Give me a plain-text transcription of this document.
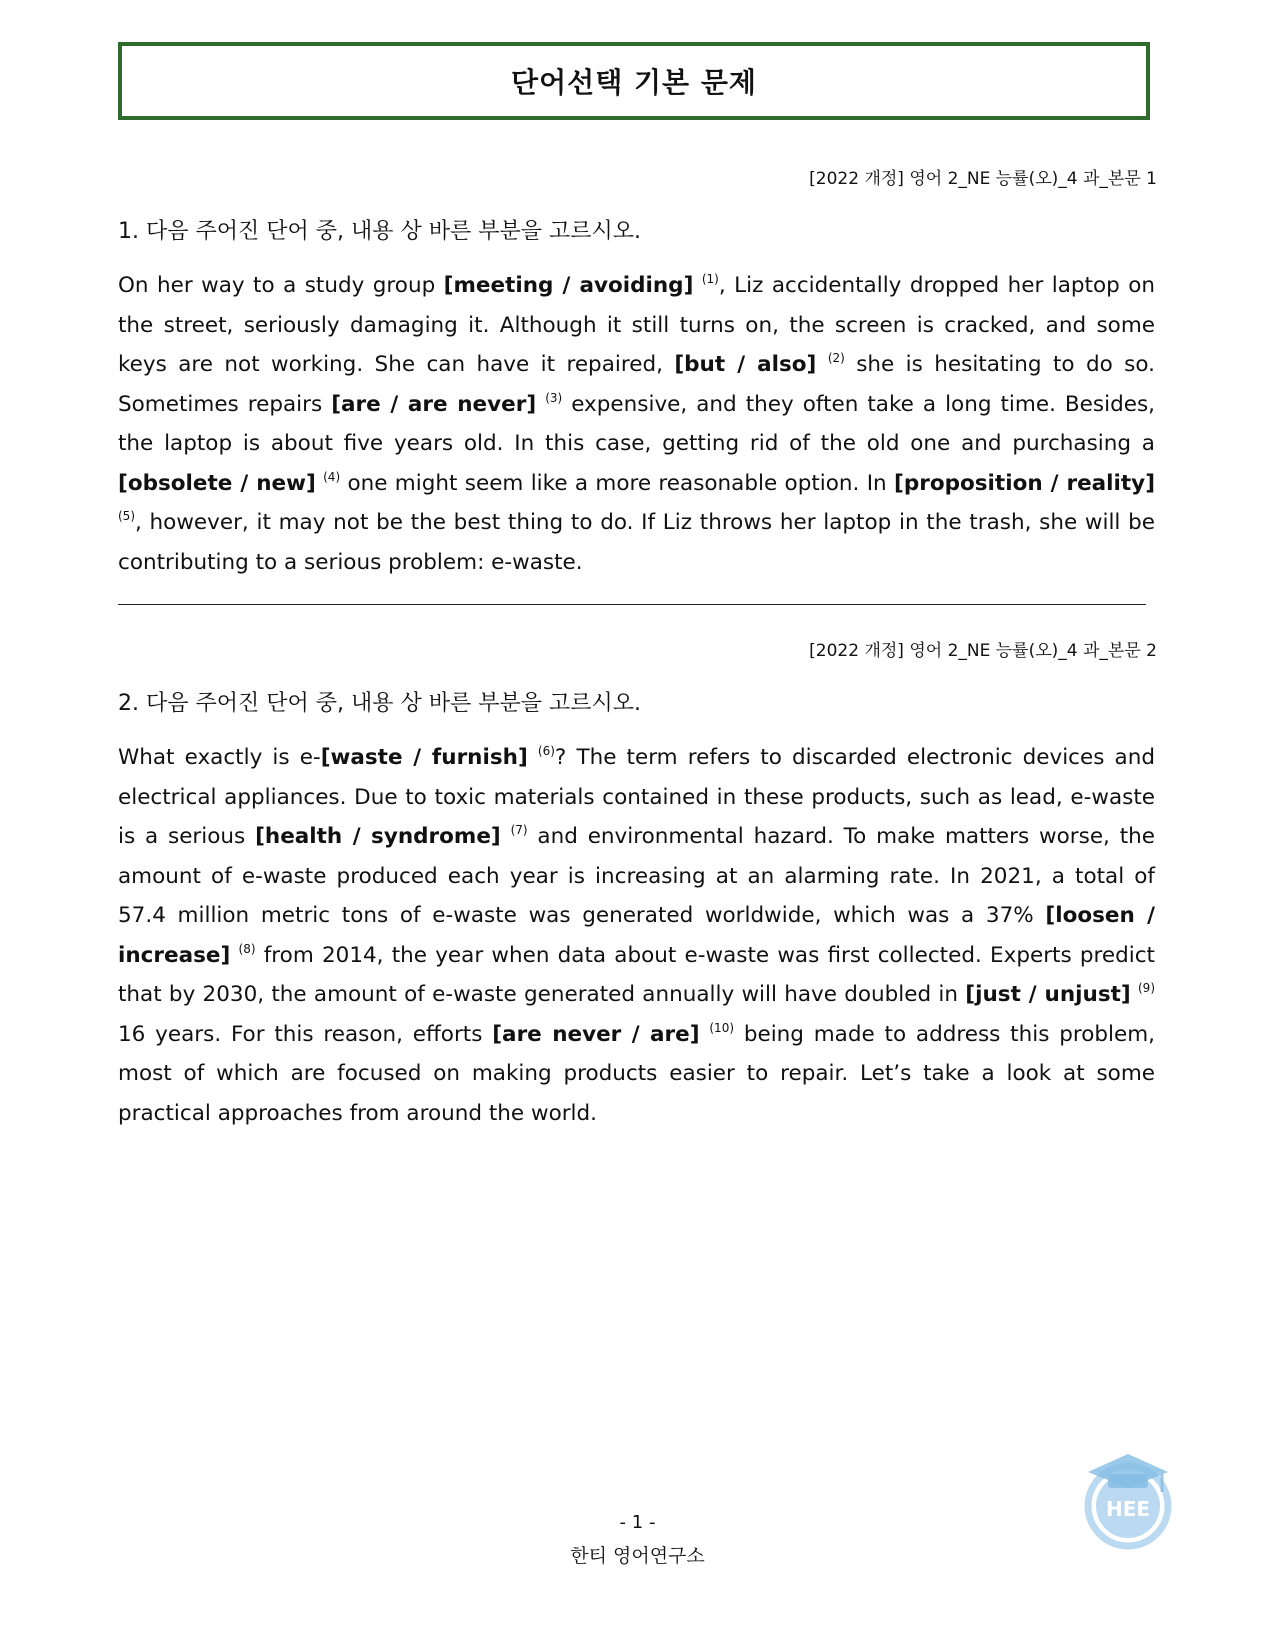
단어선택 기본 문제
[2022 개정] 영어 2_NE 능률(오)_4 과_본문 1
1. 다음 주어진 단어 중, 내용 상 바른 부분을 고르시오.
On her way to a study group [meeting / avoiding] $^{(1)}$, Liz accidentally dropped her laptop on the street, seriously damaging it. Although it still turns on, the screen is cracked, and some keys are not working. She can have it repaired, [but / also] $^{(2)}$ she is hesitating to do so. Sometimes repairs [are / are never] $^{(3)}$ expensive, and they often take a long time. Besides, the laptop is about five years old. In this case, getting rid of the old one and purchasing a [obsolete / new] $^{(4)}$ one might seem like a more reasonable option. In [proposition / reality] $^{(5)}$, however, it may not be the best thing to do. If Liz throws her laptop in the trash, she will be contributing to a serious problem: e-waste.
[2022 개정] 영어 2_NE 능률(오)_4 과_본문 2
2. 다음 주어진 단어 중, 내용 상 바른 부분을 고르시오.
What exactly is e-[waste / furnish] $^{(6)}$? The term refers to discarded electronic devices and electrical appliances. Due to toxic materials contained in these products, such as lead, e-waste is a serious [health / syndrome] $^{(7)}$ and environmental hazard. To make matters worse, the amount of e-waste produced each year is increasing at an alarming rate. In 2021, a total of 57.4 million metric tons of e-waste was generated worldwide, which was a 37% [loosen / increase] $^{(8)}$ from 2014, the year when data about e-waste was first collected. Experts predict that by 2030, the amount of e-waste generated annually will have doubled in [just / unjust] $^{(9)}$ 16 years. For this reason, efforts [are never / are] $^{(10)}$ being made to address this problem, most of which are focused on making products easier to repair. Let’s take a look at some practical approaches from around the world.
- 1 -
한티 영어연구소
HEE
